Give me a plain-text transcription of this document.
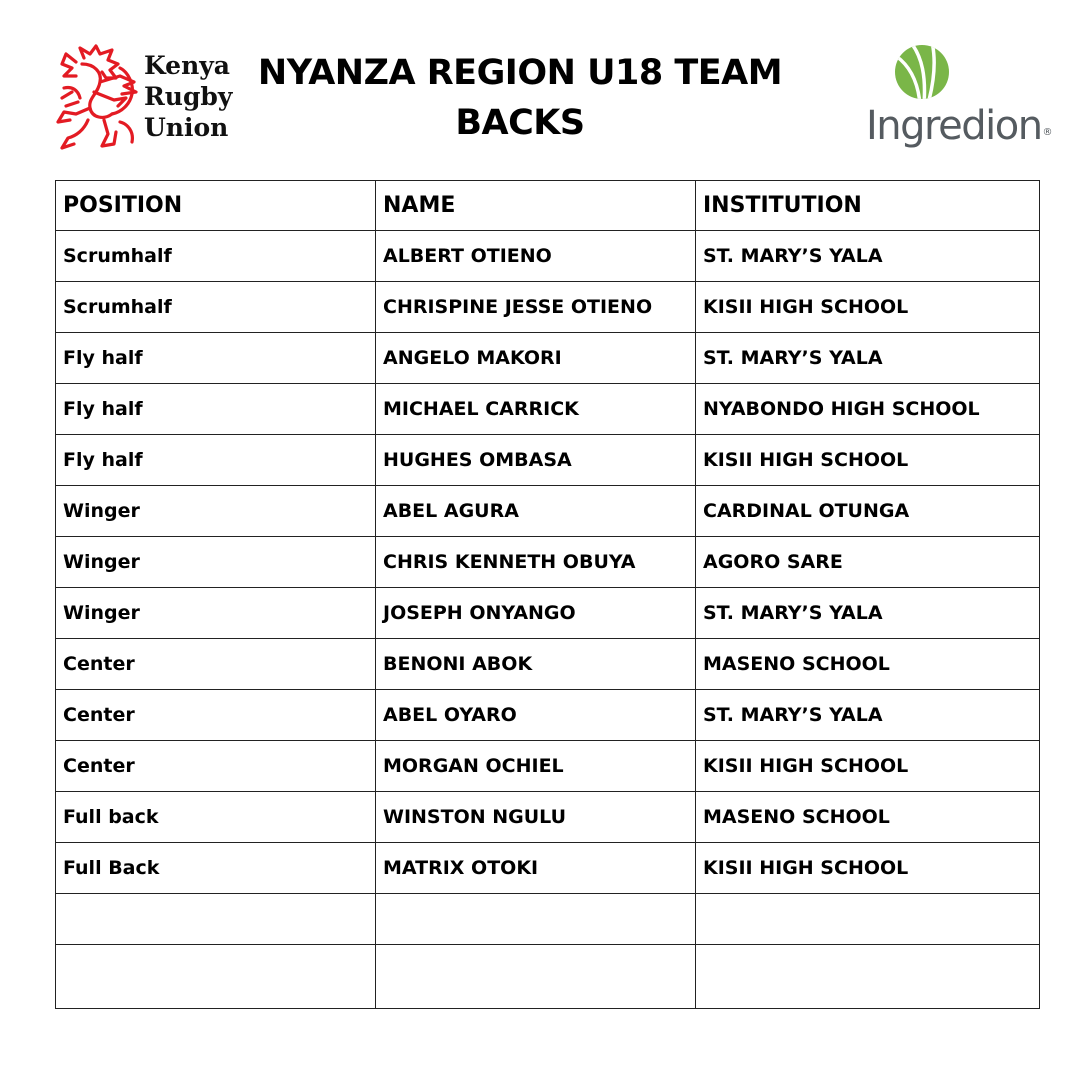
Kenya
Rugby
Union
NYANZA REGION U18 TEAM
BACKS	Ingredion®
POSITION	NAME	INSTITUTION
Scrumhalf	ALBERT OTIENO	ST. MARY’S YALA
Scrumhalf	CHRISPINE JESSE OTIENO	KISII HIGH SCHOOL
Fly half	ANGELO MAKORI	ST. MARY’S YALA
Fly half	MICHAEL CARRICK	NYABONDO HIGH SCHOOL
Fly half	HUGHES OMBASA	KISII HIGH SCHOOL
Winger	ABEL AGURA	CARDINAL OTUNGA
Winger	CHRIS KENNETH OBUYA	AGORO SARE
Winger	JOSEPH ONYANGO	ST. MARY’S YALA
Center	BENONI ABOK	MASENO SCHOOL
Center	ABEL OYARO	ST. MARY’S YALA
Center	MORGAN OCHIEL	KISII HIGH SCHOOL
Full back	WINSTON NGULU	MASENO SCHOOL
Full Back	MATRIX OTOKI	KISII HIGH SCHOOL
